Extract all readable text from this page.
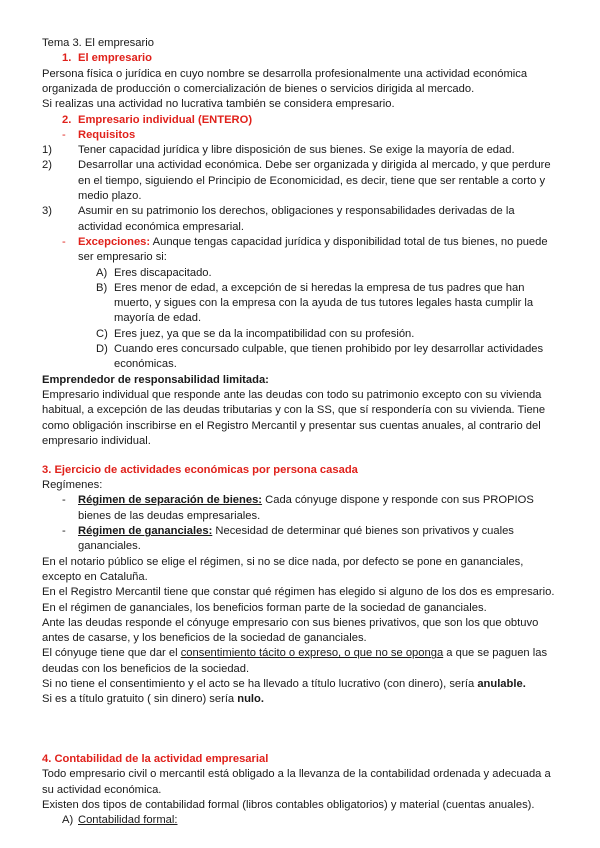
Tema 3. El empresario
1. El empresario
Persona física o jurídica en cuyo nombre se desarrolla profesionalmente una actividad económica
organizada de producción o comercialización de bienes o servicios dirigida al mercado.
Si realizas una actividad no lucrativa también se considera empresario.
2. Empresario individual (ENTERO)
- Requisitos
1) Tener capacidad jurídica y libre disposición de sus bienes. Se exige la mayoría de edad.
2) Desarrollar una actividad económica. Debe ser organizada y dirigida al mercado, y que perdure
en el tiempo, siguiendo el Principio de Economicidad, es decir, tiene que ser rentable a corto y
medio plazo.
3) Asumir en su patrimonio los derechos, obligaciones y responsabilidades derivadas de la
actividad económica empresarial.
- Excepciones: Aunque tengas capacidad jurídica y disponibilidad total de tus bienes, no puede
ser empresario si:
A) Eres discapacitado.
B) Eres menor de edad, a excepción de si heredas la empresa de tus padres que han
muerto, y sigues con la empresa con la ayuda de tus tutores legales hasta cumplir la
mayoría de edad.
C) Eres juez, ya que se da la incompatibilidad con su profesión.
D) Cuando eres concursado culpable, que tienen prohibido por ley desarrollar actividades
económicas.
Emprendedor de responsabilidad limitada:
Empresario individual que responde ante las deudas con todo su patrimonio excepto con su vivienda
habitual, a excepción de las deudas tributarias y con la SS, que sí respondería con su vivienda. Tiene
como obligación inscribirse en el Registro Mercantil y presentar sus cuentas anuales, al contrario del
empresario individual.
3. Ejercicio de actividades económicas por persona casada
Regímenes:
- Régimen de separación de bienes: Cada cónyuge dispone y responde con sus PROPIOS
bienes de las deudas empresariales.
- Régimen de gananciales: Necesidad de determinar qué bienes son privativos y cuales
gananciales.
En el notario público se elige el régimen, si no se dice nada, por defecto se pone en gananciales,
excepto en Cataluña.
En el Registro Mercantil tiene que constar qué régimen has elegido si alguno de los dos es empresario.
En el régimen de gananciales, los beneficios forman parte de la sociedad de gananciales.
Ante las deudas responde el cónyuge empresario con sus bienes privativos, que son los que obtuvo
antes de casarse, y los beneficios de la sociedad de gananciales.
El cónyuge tiene que dar el consentimiento tácito o expreso, o que no se oponga a que se paguen las
deudas con los beneficios de la sociedad.
Si no tiene el consentimiento y el acto se ha llevado a título lucrativo (con dinero), sería anulable.
Si es a título gratuito ( sin dinero) sería nulo.
4. Contabilidad de la actividad empresarial
Todo empresario civil o mercantil está obligado a la llevanza de la contabilidad ordenada y adecuada a
su actividad económica.
Existen dos tipos de contabilidad formal (libros contables obligatorios) y material (cuentas anuales).
A) Contabilidad formal:
